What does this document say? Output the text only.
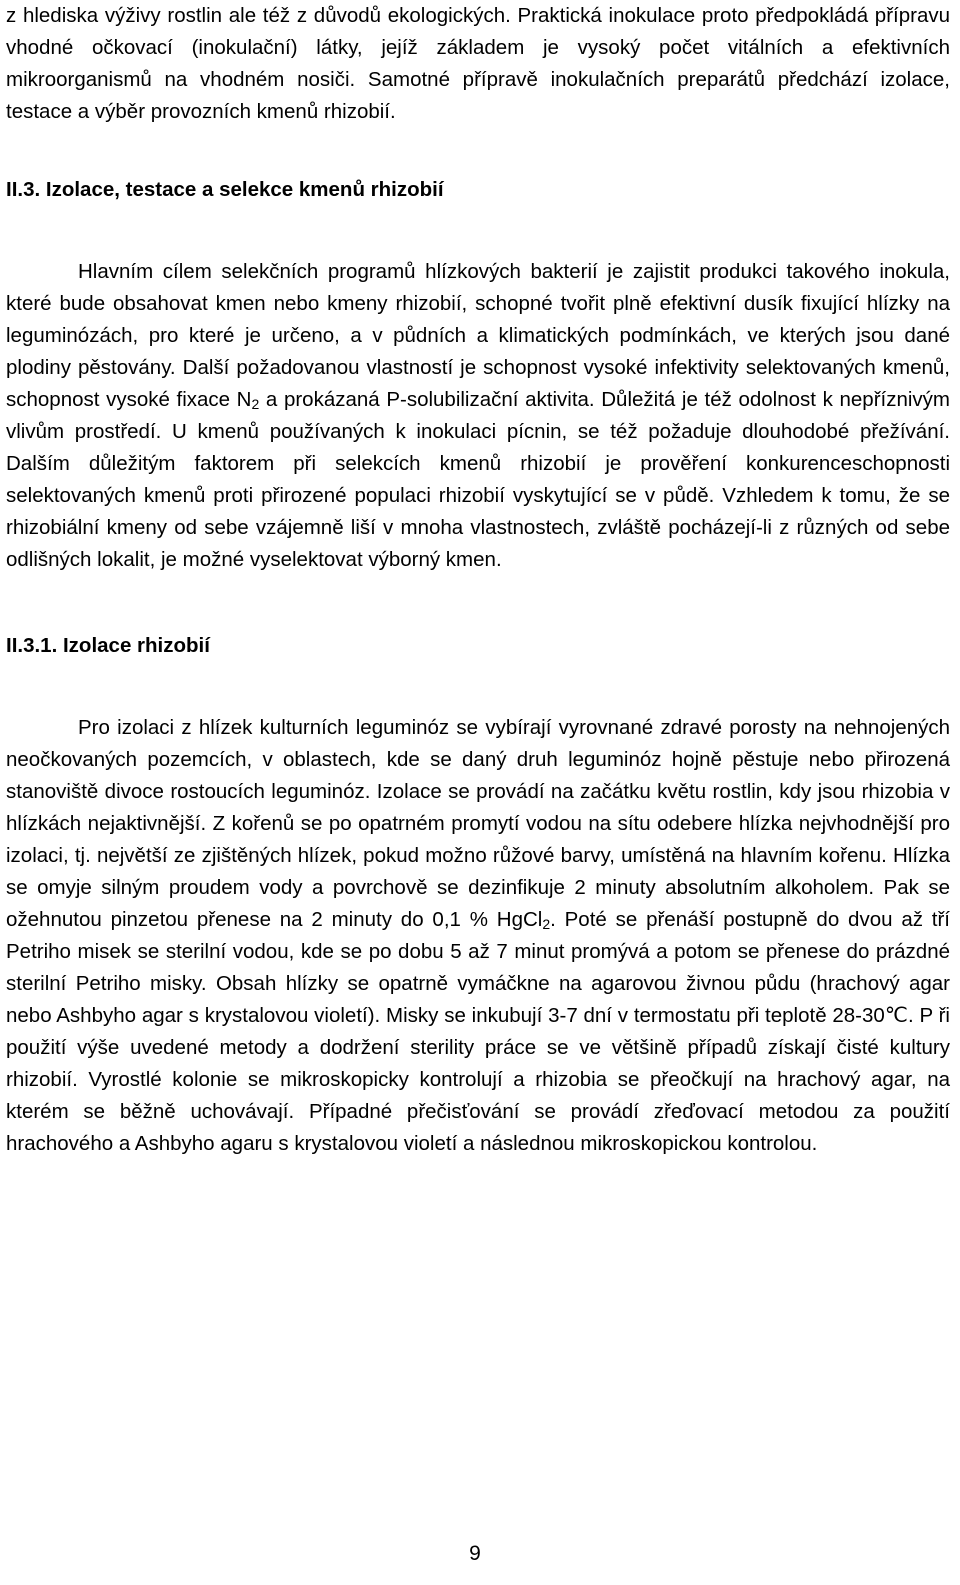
z hlediska výživy rostlin ale též z důvodů ekologických. Praktická inokulace proto předpokládá přípravu vhodné očkovací (inokulační) látky, jejíž základem je vysoký počet vitálních a efektivních mikroorganismů na vhodném nosiči. Samotné přípravě inokulačních preparátů předchází izolace, testace a výběr provozních kmenů rhizobií.

II.3. Izolace, testace a selekce kmenů rhizobií

Hlavním cílem selekčních programů hlízkových bakterií je zajistit produkci takového inokula, které bude obsahovat kmen nebo kmeny rhizobií, schopné tvořit plně efektivní dusík fixující hlízky na leguminózách, pro které je určeno, a v půdních a klimatických podmínkách, ve kterých jsou dané plodiny pěstovány. Další požadovanou vlastností je schopnost vysoké infektivity selektovaných kmenů, schopnost vysoké fixace $N_2$ a prokázaná P-solubilizační aktivita. Důležitá je též odolnost k nepříznivým vlivům prostředí. U kmenů používaných k inokulaci pícnin, se též požaduje dlouhodobé přežívání. Dalším důležitým faktorem při selekcích kmenů rhizobií je prověření konkurenceschopnosti selektovaných kmenů proti přirozené populaci rhizobií vyskytující se v půdě. Vzhledem k tomu, že se rhizobiální kmeny od sebe vzájemně liší v mnoha vlastnostech, zvláště pocházejí-li z různých od sebe odlišných lokalit, je možné vyselektovat výborný kmen.

II.3.1. Izolace rhizobií

Pro izolaci z hlízek kulturních leguminóz se vybírají vyrovnané zdravé porosty na nehnojených neočkovaných pozemcích, v oblastech, kde se daný druh leguminóz hojně pěstuje nebo přirozená stanoviště divoce rostoucích leguminóz. Izolace se provádí na začátku květu rostlin, kdy jsou rhizobia v hlízkách nejaktivnější. Z kořenů se po opatrném promytí vodou na sítu odebere hlízka nejvhodnější pro izolaci, tj. největší ze zjištěných hlízek, pokud možno růžové barvy, umístěná na hlavním kořenu. Hlízka se omyje silným proudem vody a povrchově se dezinfikuje 2 minuty absolutním alkoholem. Pak se ožehnutou pinzetou přenese na 2 minuty do 0,1 % HgCl$_2$. Poté se přenáší postupně do dvou až tří Petriho misek se sterilní vodou, kde se po dobu 5 až 7 minut promývá a potom se přenese do prázdné sterilní Petriho misky. Obsah hlízky se opatrně vymáčkne na agarovou živnou půdu (hrachový agar nebo Ashbyho agar s krystalovou violetí). Misky se inkubují 3-7 dní v termostatu při teplotě 28-30℃. P ři použití výše uvedené metody a dodržení sterility práce se ve většině případů získají čisté kultury rhizobií. Vyrostlé kolonie se mikroskopicky kontrolují a rhizobia se přeočkují na hrachový agar, na kterém se běžně uchovávají. Případné přečisťování se provádí zřeďovací metodou za použití hrachového a Ashbyho agaru s krystalovou violetí a následnou mikroskopickou kontrolou.

9
